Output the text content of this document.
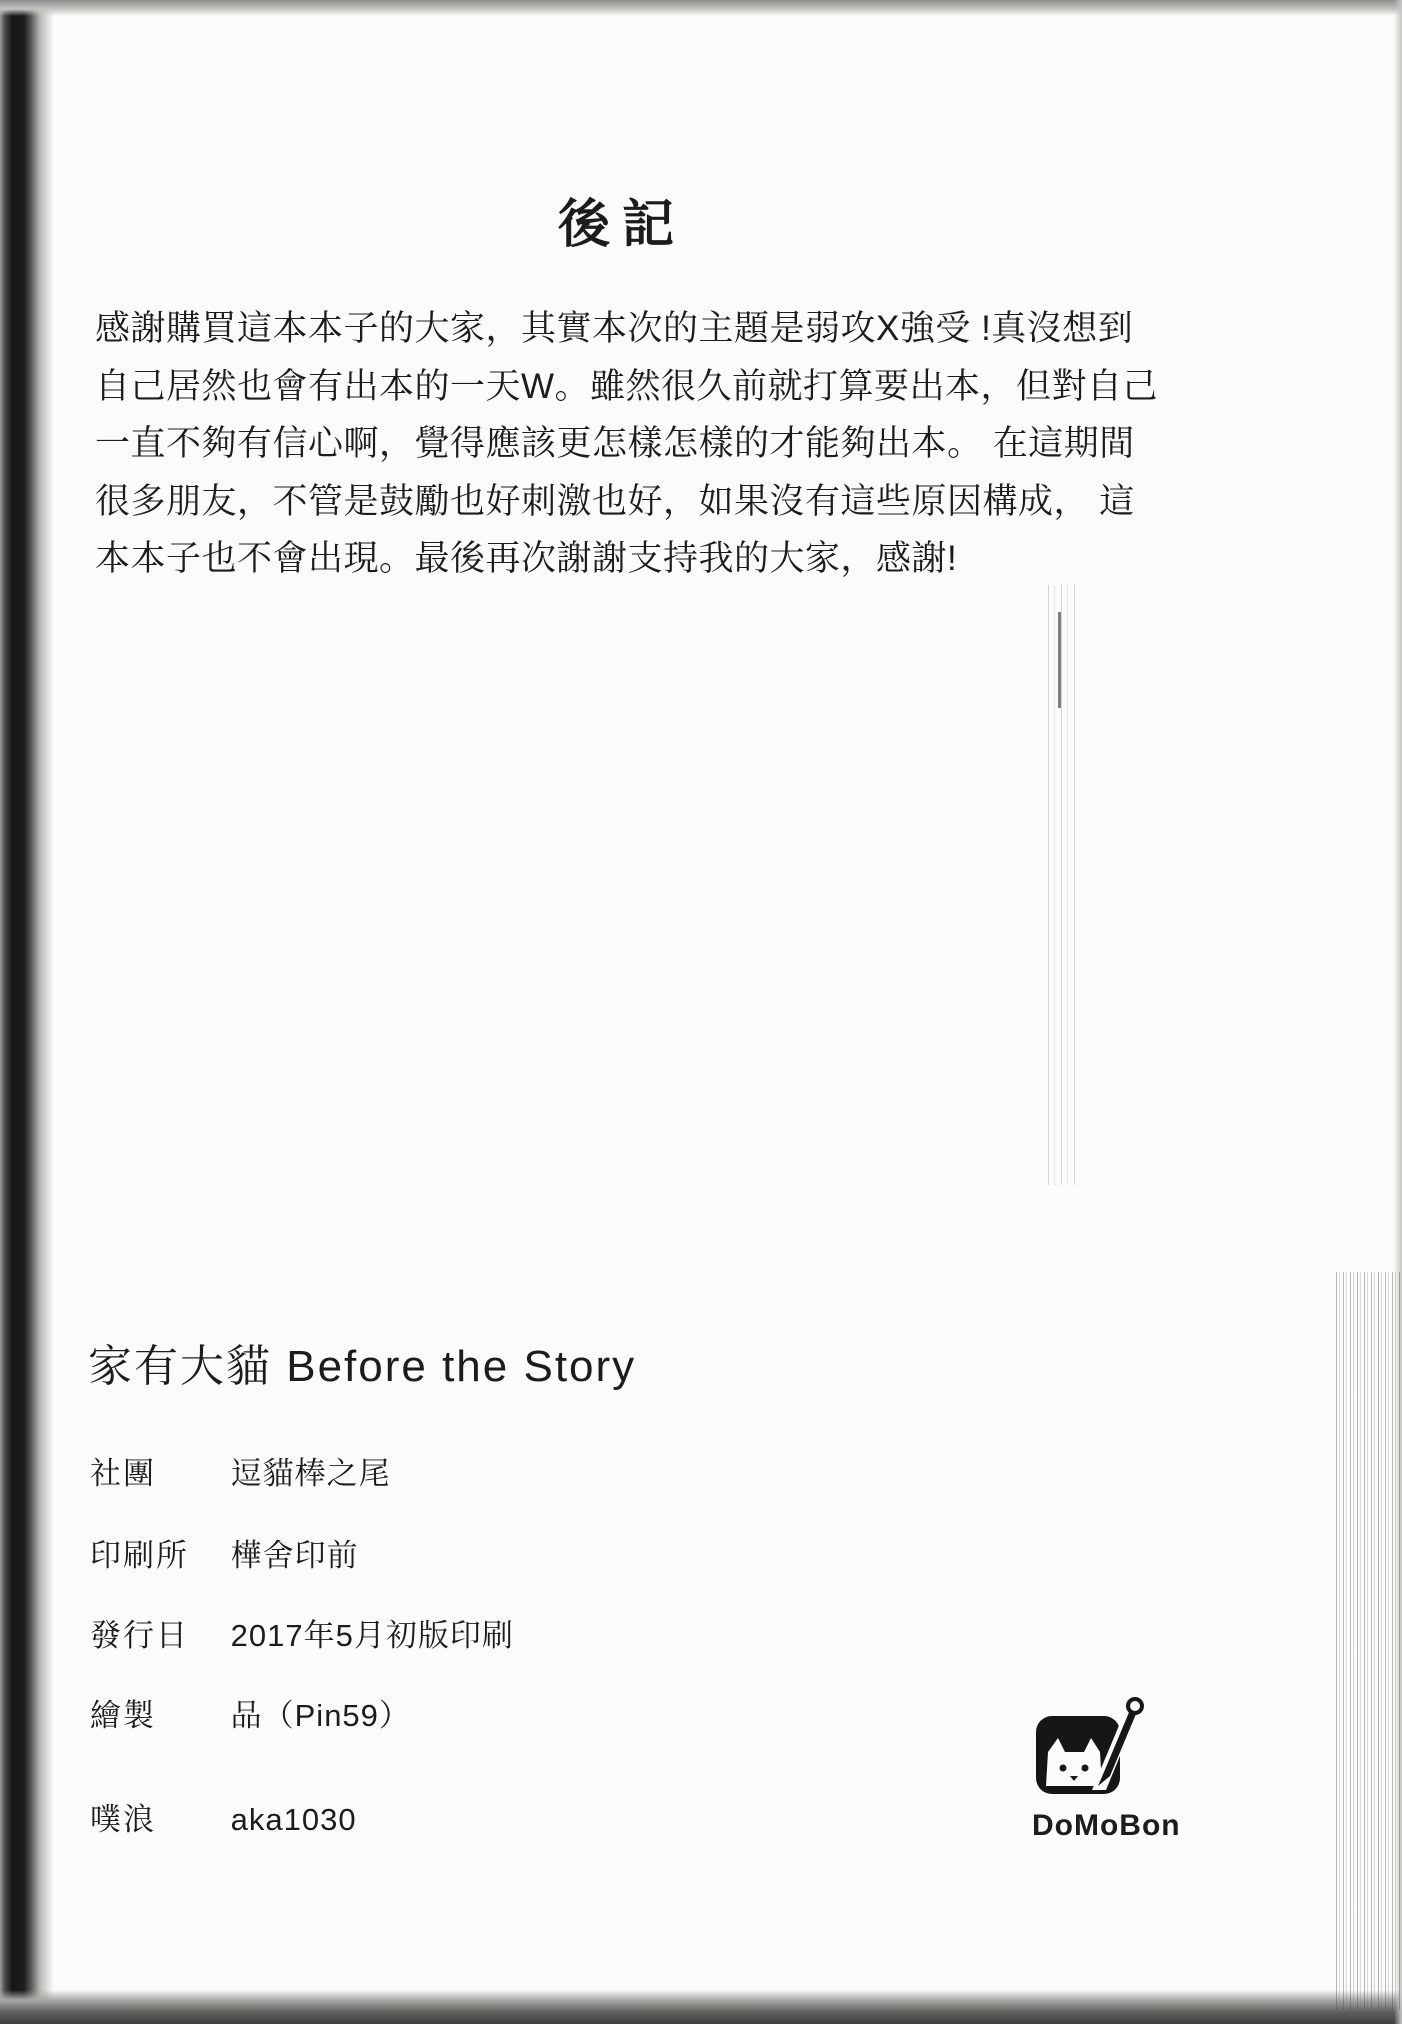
後記
感謝購買這本本子的大家，其實本次的主題是弱攻X強受 !真沒想到
自己居然也會有出本的一天W。雖然很久前就打算要出本，但對自己
一直不夠有信心啊，覺得應該更怎樣怎樣的才能夠出本。 在這期間
很多朋友，不管是鼓勵也好刺激也好，如果沒有這些原因構成， 這
本本子也不會出現。最後再次謝謝支持我的大家，感謝!
家有大貓 Before the Story
社團 逗貓棒之尾
印刷所 樺舍印前
發行日 2017年5月初版印刷
繪製 品（Pin59）
噗浪 aka1030	DoMoBon
